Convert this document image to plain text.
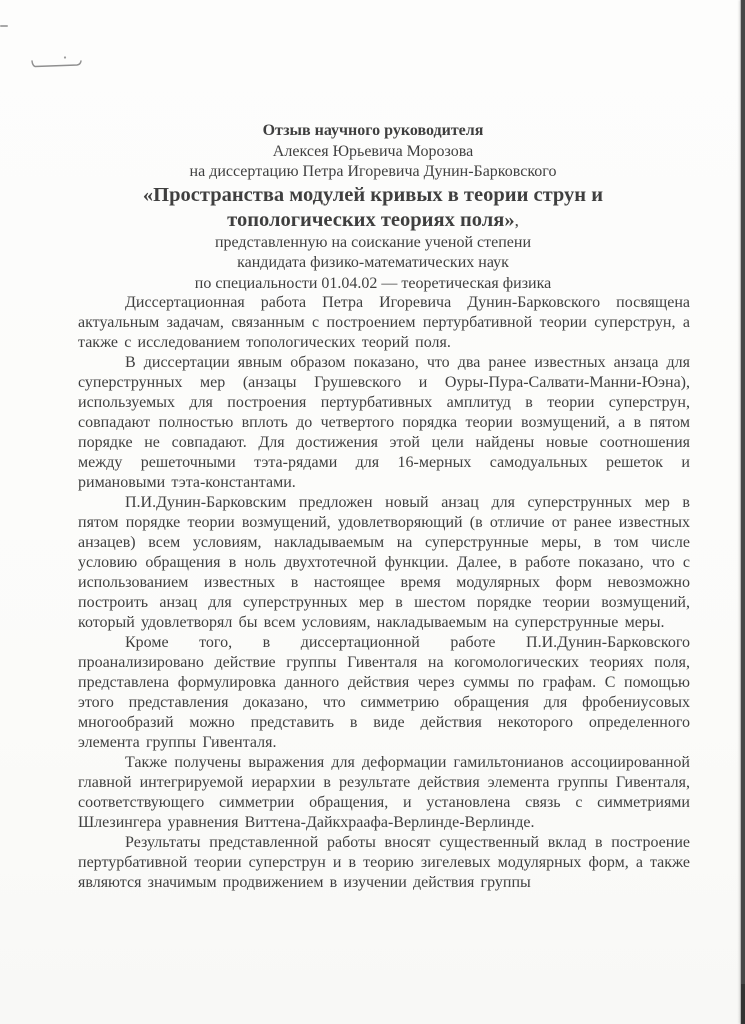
Отзыв научного руководителя
Алексея Юрьевича Морозова
на диссертацию Петра Игоревича Дунин-Барковского
«Пространства модулей кривых в теории струн и
топологических теориях поля»,
представленную на соискание ученой степени
кандидата физико-математических наук
по специальности 01.04.02 — теоретическая физика

Диссертационная работа Петра Игоревича Дунин-Барковского посвящена актуальным задачам, связанным с построением пертурбативной теории суперструн, а также с исследованием топологических теорий поля.

В диссертации явным образом показано, что два ранее известных анзаца для суперструнных мер (анзацы Грушевского и Оуры-Пура-Салвати-Манни-Юэна), используемых для построения пертурбативных амплитуд в теории суперструн, совпадают полностью вплоть до четвертого порядка теории возмущений, а в пятом порядке не совпадают. Для достижения этой цели найдены новые соотношения между решеточными тэта-рядами для 16-мерных самодуальных решеток и римановыми тэта-константами.

П.И.Дунин-Барковским предложен новый анзац для суперструнных мер в пятом порядке теории возмущений, удовлетворяющий (в отличие от ранее известных анзацев) всем условиям, накладываемым на суперструнные меры, в том числе условию обращения в ноль двухтотечной функции. Далее, в работе показано, что с использованием известных в настоящее время модулярных форм невозможно построить анзац для суперструнных мер в шестом порядке теории возмущений, который удовлетворял бы всем условиям, накладываемым на суперструнные меры.

Кроме того, в диссертационной работе П.И.Дунин-Барковского проанализировано действие группы Гивенталя на когомологических теориях поля, представлена формулировка данного действия через суммы по графам. С помощью этого представления доказано, что симметрию обращения для фробениусовых многообразий можно представить в виде действия некоторого определенного элемента группы Гивенталя.

Также получены выражения для деформации гамильтонианов ассоциированной главной интегрируемой иерархии в результате действия элемента группы Гивенталя, соответствующего симметрии обращения, и установлена связь с симметриями Шлезингера уравнения Виттена-Дайкхраафа-Верлинде-Верлинде.

Результаты представленной работы вносят существенный вклад в построение пертурбативной теории суперструн и в теорию зигелевых модулярных форм, а также являются значимым продвижением в изучении действия группы
